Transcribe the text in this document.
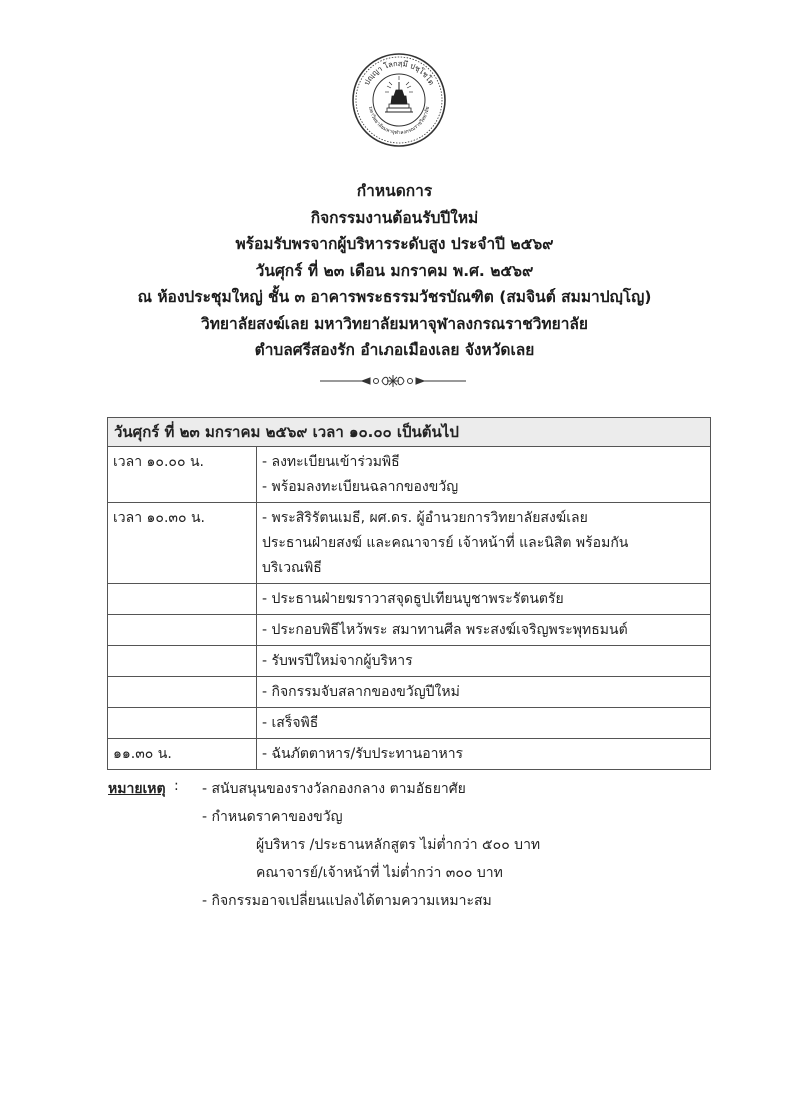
ปญฺญา โลกสฺมึ ปชฺโชโต
มหาวิทยาลัยมหาจุฬาลงกรณราชวิทยาลัย
กำหนดการ
กิจกรรมงานต้อนรับปีใหม่
พร้อมรับพรจากผู้บริหารระดับสูง ประจำปี ๒๕๖๙
วันศุกร์ ที่ ๒๓ เดือน มกราคม พ.ศ. ๒๕๖๙
ณ ห้องประชุมใหญ่ ชั้น ๓ อาคารพระธรรมวัชรบัณฑิต (สมจินต์ สมมาปญฺโญ)
วิทยาลัยสงฆ์เลย มหาวิทยาลัยมหาจุฬาลงกรณราชวิทยาลัย
ตำบลศรีสองรัก อำเภอเมืองเลย จังหวัดเลย
วันศุกร์ ที่ ๒๓ มกราคม ๒๕๖๙ เวลา ๑๐.๐๐ เป็นต้นไป	
เวลา ๑๐.๐๐ น.	- ลงทะเบียนเข้าร่วมพิธี
- พร้อมลงทะเบียนฉลากของขวัญ

เวลา ๑๐.๓๐ น.	- พระสิริรัตนเมธี, ผศ.ดร. ผู้อำนวยการวิทยาลัยสงฆ์เลย
ประธานฝ่ายสงฆ์ และคณาจารย์ เจ้าหน้าที่ และนิสิต พร้อมกัน
บริเวณพิธี

	- ประธานฝ่ายฆราวาสจุดธูปเทียนบูชาพระรัตนตรัย

	- ประกอบพิธีไหว้พระ สมาทานศีล พระสงฆ์เจริญพระพุทธมนต์

	- รับพรปีใหม่จากผู้บริหาร

	- กิจกรรมจับสลากของขวัญปีใหม่

	- เสร็จพิธี

๑๑.๓๐ น.	- ฉันภัตตาหาร/รับประทานอาหาร
หมายเหตุ : - สนับสนุนของรางวัลกองกลาง ตามอัธยาศัย
- กำหนดราคาของขวัญ
ผู้บริหาร /ประธานหลักสูตร ไม่ต่ำกว่า ๕๐๐ บาท
คณาจารย์/เจ้าหน้าที่ ไม่ต่ำกว่า ๓๐๐ บาท
- กิจกรรมอาจเปลี่ยนแปลงได้ตามความเหมาะสม
